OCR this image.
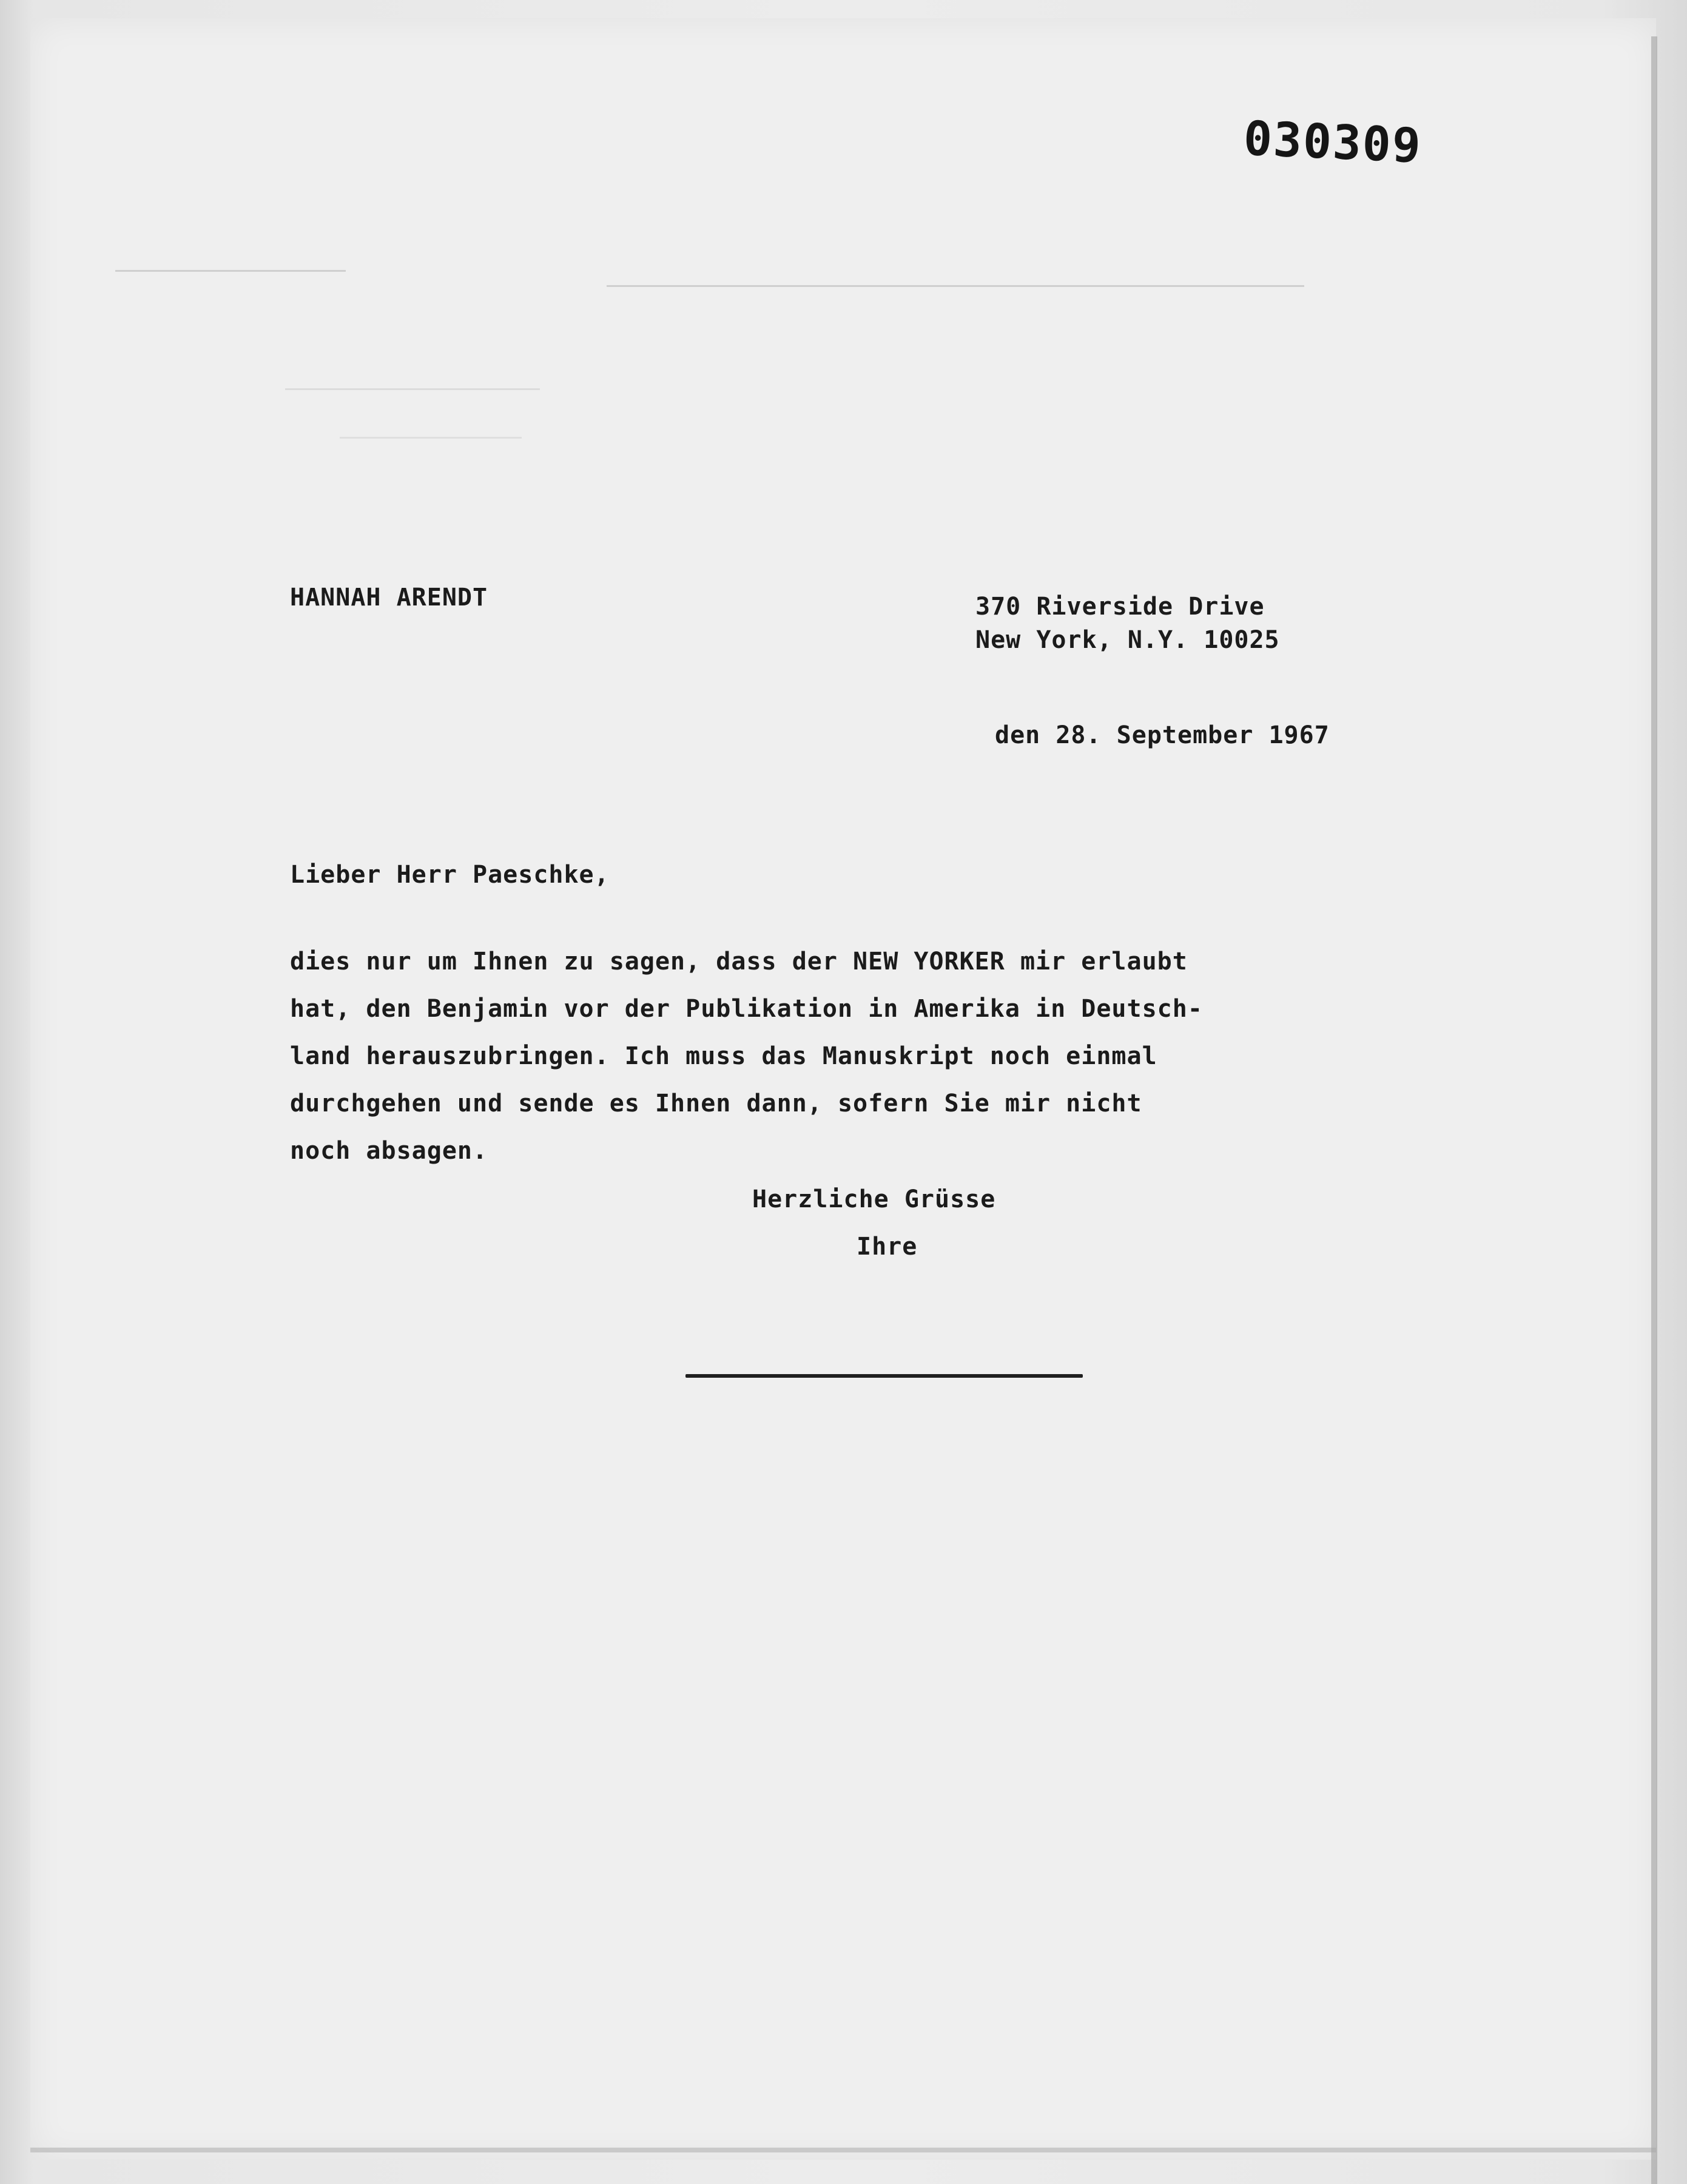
030309
HANNAH ARENDT	370 Riverside Drive
New York, N.Y. 10025
den 28. September 1967
Lieber Herr Paeschke,
dies nur um Ihnen zu sagen, dass der NEW YORKER mir erlaubt
hat, den Benjamin vor der Publikation in Amerika in Deutsch-
land herauszubringen. Ich muss das Manuskript noch einmal
durchgehen und sende es Ihnen dann, sofern Sie mir nicht
noch absagen.
Herzliche Grüsse
Ihre
